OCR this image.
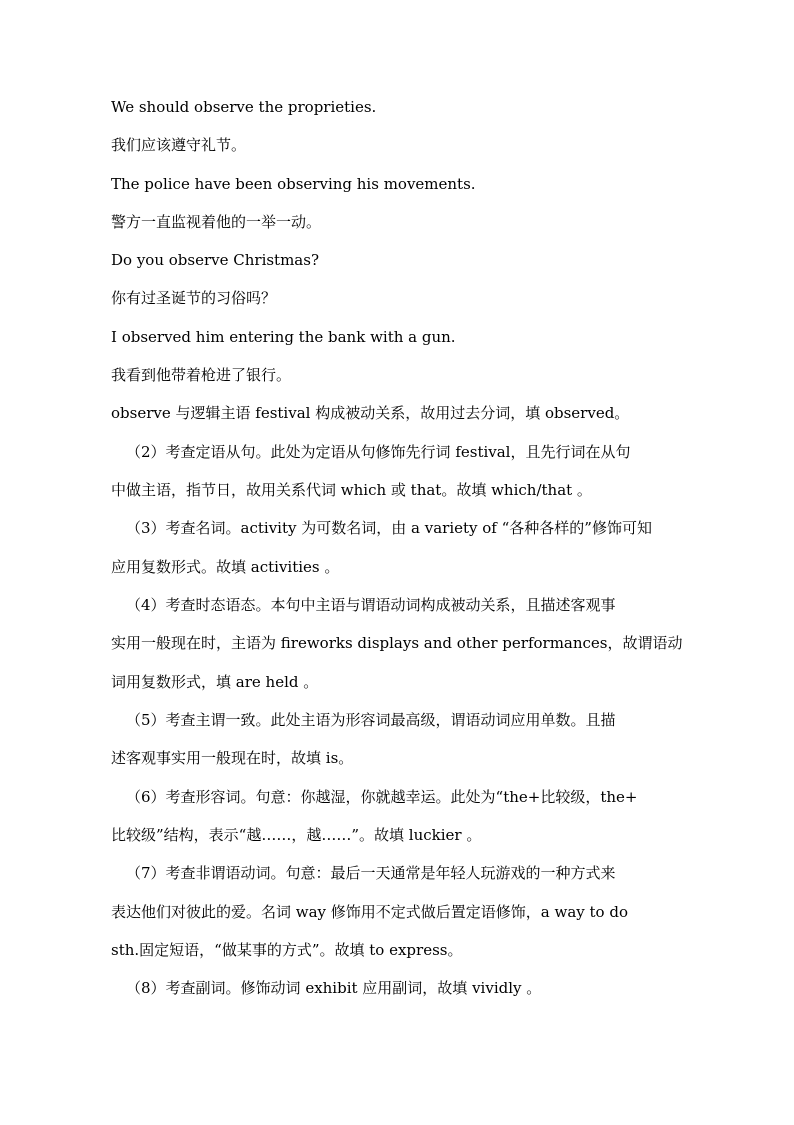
We should observe the proprieties.
我们应该遵守礼节。
The police have been observing his movements.
警方一直监视着他的一举一动。
Do you observe Christmas?
你有过圣诞节的习俗吗？
I observed him entering the bank with a gun.
我看到他带着枪进了银行。
observe 与逻辑主语 festival 构成被动关系，故用过去分词，填 observed。
（2）考查定语从句。此处为定语从句修饰先行词 festival，且先行词在从句
中做主语，指节日，故用关系代词 which 或 that。故填 which/that 。
（3）考查名词。activity 为可数名词，由 a variety of “各种各样的”修饰可知
应用复数形式。故填 activities 。
（4）考查时态语态。本句中主语与谓语动词构成被动关系，且描述客观事
实用一般现在时，主语为 fireworks displays and other performances，故谓语动
词用复数形式，填 are held 。
（5）考查主谓一致。此处主语为形容词最高级，谓语动词应用单数。且描
述客观事实用一般现在时，故填 is。
（6）考查形容词。句意：你越湿，你就越幸运。此处为“the+比较级，the+
比较级”结构，表示“越……，越……”。故填 luckier 。
（7）考查非谓语动词。句意：最后一天通常是年轻人玩游戏的一种方式来
表达他们对彼此的爱。名词 way 修饰用不定式做后置定语修饰，a way to do
sth.固定短语，“做某事的方式”。故填 to express。
（8）考查副词。修饰动词 exhibit 应用副词，故填 vividly 。
